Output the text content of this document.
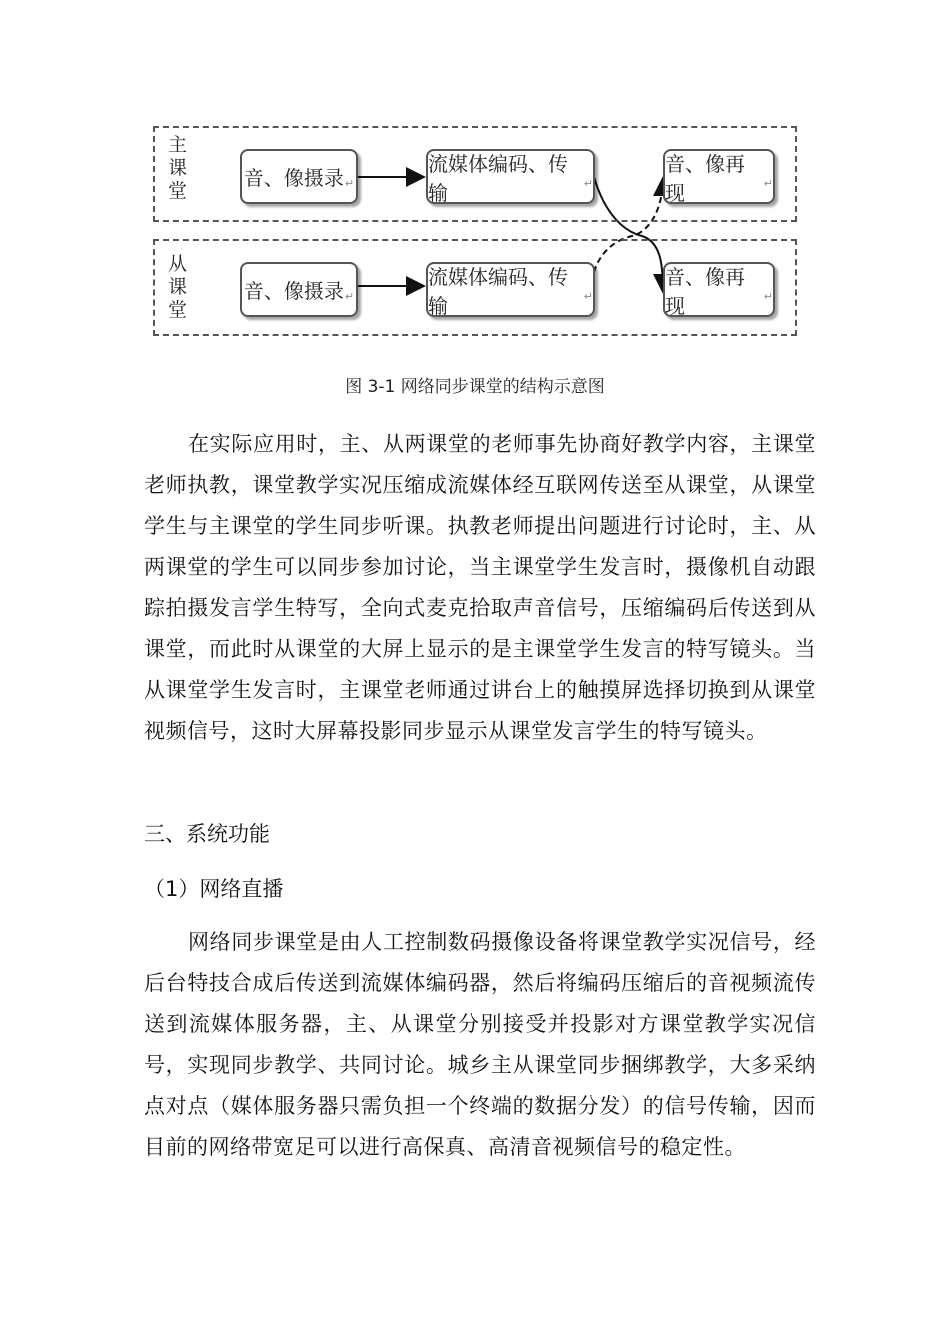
主
课
堂
从
课
堂
音、像摄录 ↵
流媒体编码、传输	↵
音、像再现	↵
音、像摄录 ↵
流媒体编码、传输	↵
音、像再现	↵
图 3-1 网络同步课堂的结构示意图

在实际应用时，主、从两课堂的老师事先协商好教学内容，主课堂老师执教，课堂教学实况压缩成流媒体经互联网传送至从课堂，从课堂学生与主课堂的学生同步听课。执教老师提出问题进行讨论时，主、从两课堂的学生可以同步参加讨论，当主课堂学生发言时，摄像机自动跟踪拍摄发言学生特写，全向式麦克拾取声音信号，压缩编码后传送到从课堂，而此时从课堂的大屏上显示的是主课堂学生发言的特写镜头。当从课堂学生发言时，主课堂老师通过讲台上的触摸屏选择切换到从课堂视频信号，这时大屏幕投影同步显示从课堂发言学生的特写镜头。

三、系统功能
（1）网络直播

网络同步课堂是由人工控制数码摄像设备将课堂教学实况信号，经后台特技合成后传送到流媒体编码器，然后将编码压缩后的音视频流传送到流媒体服务器，主、从课堂分别接受并投影对方课堂教学实况信号，实现同步教学、共同讨论。城乡主从课堂同步捆绑教学，大多采纳点对点（媒体服务器只需负担一个终端的数据分发）的信号传输，因而目前的网络带宽足可以进行高保真、高清音视频信号的稳定性。
